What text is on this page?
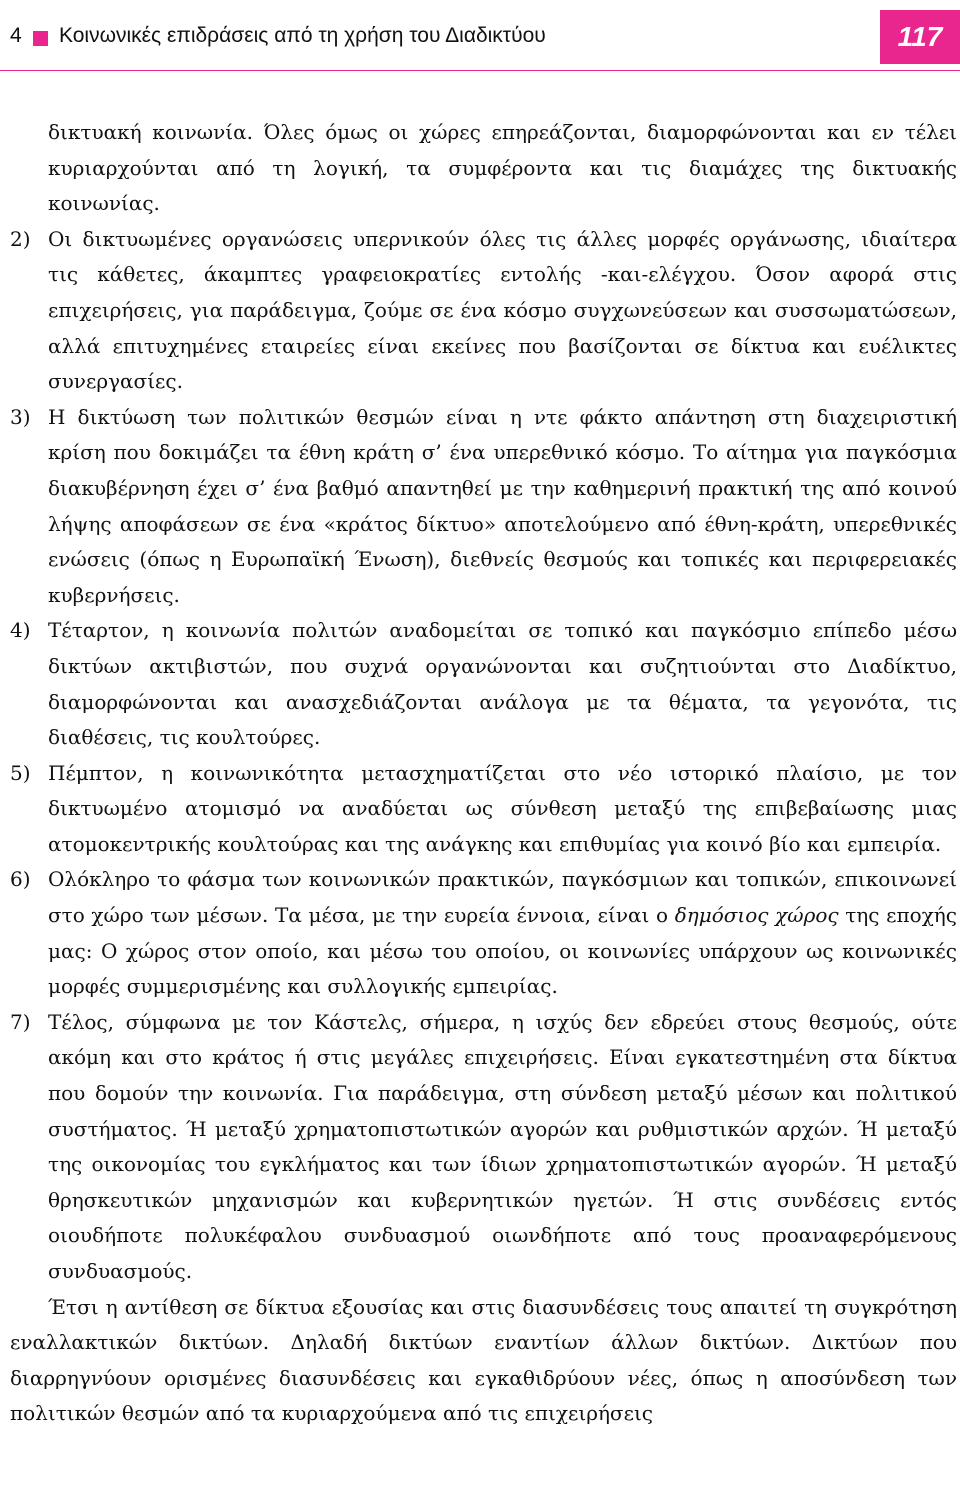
4 Κοινωνικές επιδράσεις από τη χρήση του Διαδικτύου	117

δικτυακή κοινωνία. Όλες όμως οι χώρες επηρεάζονται, διαμορφώνονται και εν τέλει κυριαρχούνται από τη λογική, τα συμφέροντα και τις διαμάχες της δικτυακής κοινωνίας.

2) Οι δικτυωμένες οργανώσεις υπερνικούν όλες τις άλλες μορφές οργάνωσης, ιδιαίτερα τις κάθετες, άκαμπτες γραφειοκρατίες εντολής -και-ελέγχου. Όσον αφορά στις επιχειρήσεις, για παράδειγμα, ζούμε σε ένα κόσμο συγχωνεύσεων και συσσωματώσεων, αλλά επιτυχημένες εταιρείες είναι εκείνες που βασίζονται σε δίκτυα και ευέλικτες συνεργασίες.
3) Η δικτύωση των πολιτικών θεσμών είναι η ντε φάκτο απάντηση στη διαχειριστική κρίση που δοκιμάζει τα έθνη κράτη σ’ ένα υπερεθνικό κόσμο. Το αίτημα για παγκόσμια διακυβέρνηση έχει σ’ ένα βαθμό απαντηθεί με την καθημερινή πρακτική της από κοινού λήψης αποφάσεων σε ένα «κράτος δίκτυο» αποτελούμενο από έθνη-κράτη, υπερεθνικές ενώσεις (όπως η Ευρωπαϊκή Ένωση), διεθνείς θεσμούς και τοπικές και περιφερειακές κυβερνήσεις.
4) Τέταρτον, η κοινωνία πολιτών αναδομείται σε τοπικό και παγκόσμιο επίπεδο μέσω δικτύων ακτιβιστών, που συχνά οργανώνονται και συζητιούνται στο Διαδίκτυο, διαμορφώνονται και ανασχεδιάζονται ανάλογα με τα θέματα, τα γεγονότα, τις διαθέσεις, τις κουλτούρες.
5) Πέμπτον, η κοινωνικότητα μετασχηματίζεται στο νέο ιστορικό πλαίσιο, με τον δικτυωμένο ατομισμό να αναδύεται ως σύνθεση μεταξύ της επιβεβαίωσης μιας ατομοκεντρικής κουλτούρας και της ανάγκης και επιθυμίας για κοινό βίο και εμπειρία.
6) Ολόκληρο το φάσμα των κοινωνικών πρακτικών, παγκόσμιων και τοπικών, επικοινωνεί στο χώρο των μέσων. Τα μέσα, με την ευρεία έννοια, είναι ο δημόσιος χώρος της εποχής μας: Ο χώρος στον οποίο, και μέσω του οποίου, οι κοινωνίες υπάρχουν ως κοινωνικές μορφές συμμερισμένης και συλλογικής εμπειρίας.
7) Τέλος, σύμφωνα με τον Κάστελς, σήμερα, η ισχύς δεν εδρεύει στους θεσμούς, ούτε ακόμη και στο κράτος ή στις μεγάλες επιχειρήσεις. Είναι εγκατεστημένη στα δίκτυα που δομούν την κοινωνία. Για παράδειγμα, στη σύνδεση μεταξύ μέσων και πολιτικού συστήματος. Ή μεταξύ χρηματοπιστωτικών αγορών και ρυθμιστικών αρχών. Ή μεταξύ της οικονομίας του εγκλήματος και των ίδιων χρηματοπιστωτικών αγορών. Ή μεταξύ θρησκευτικών μηχανισμών και κυβερνητικών ηγετών. Ή στις συνδέσεις εντός οιουδήποτε πολυκέφαλου συνδυασμού οιωνδήποτε από τους προαναφερόμενους συνδυασμούς.

Έτσι η αντίθεση σε δίκτυα εξουσίας και στις διασυνδέσεις τους απαιτεί τη συγκρότηση εναλλακτικών δικτύων. Δηλαδή δικτύων εναντίων άλλων δικτύων. Δικτύων που διαρρηγνύουν ορισμένες διασυνδέσεις και εγκαθιδρύουν νέες, όπως η αποσύνδεση των πολιτικών θεσμών από τα κυριαρχούμενα από τις επιχειρήσεις
